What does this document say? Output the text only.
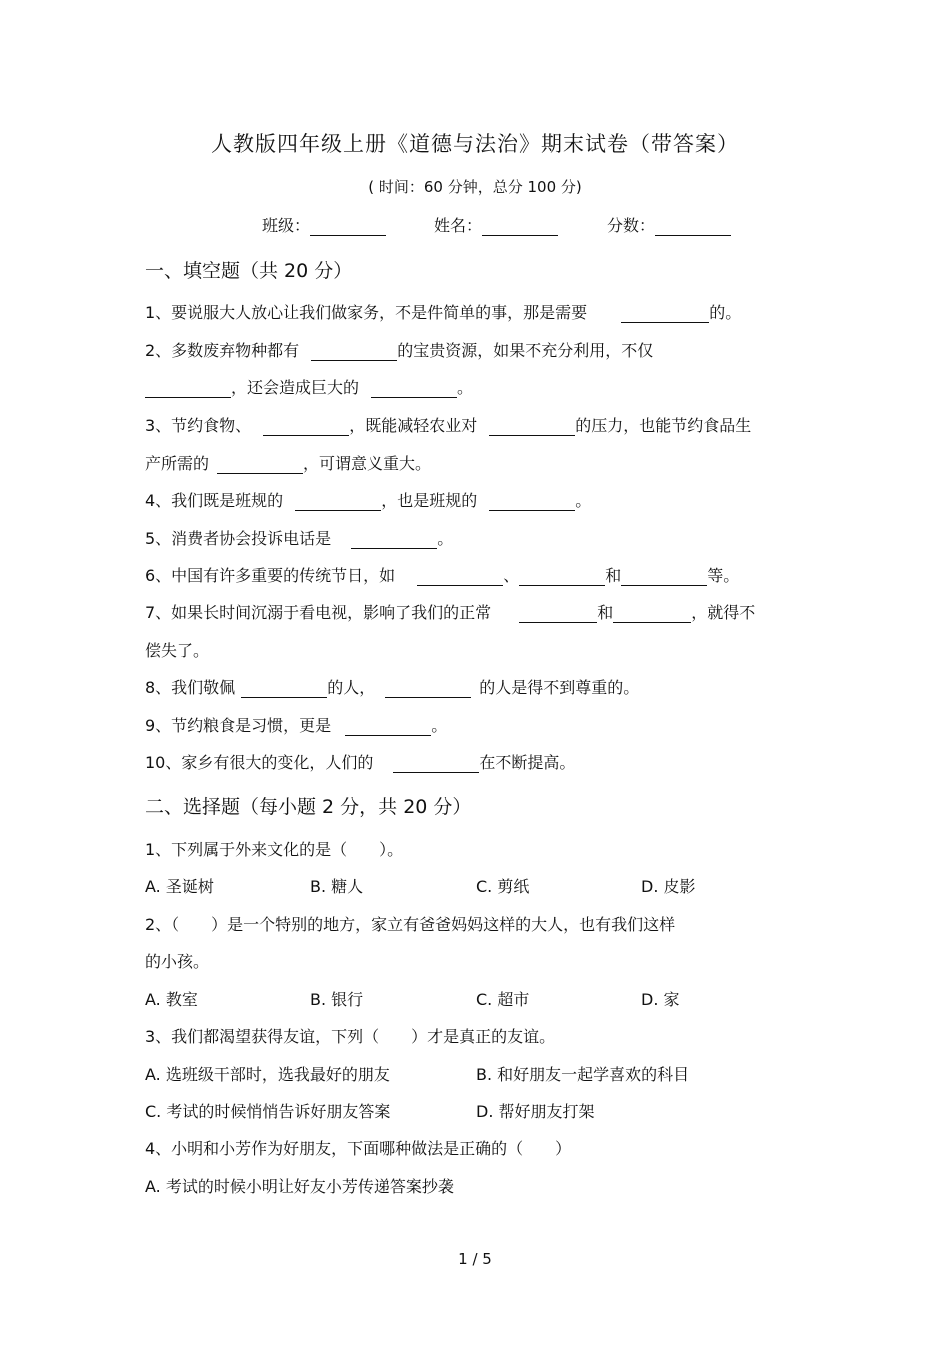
人教版四年级上册《道德与法治》期末试卷（带答案）
( 时间：60 分钟，总分 100 分)
班级：	姓名：	分数：
一、填空题（共 20 分）
1、要说服大人放心让我们做家务，不是件简单的事，那是需要	的。
2、多数废弃物种都有	的宝贵资源，如果不充分利用，不仅
，还会造成巨大的	。
3、节约食物、	，既能减轻农业对	的压力，也能节约食品生
产所需的	，可谓意义重大。
4、我们既是班规的	，也是班规的	。
5、消费者协会投诉电话是	。
6、中国有许多重要的传统节日，如	、	和	等。
7、如果长时间沉溺于看电视，影响了我们的正常	和	，就得不
偿失了。
8、我们敬佩	的人，	的人是得不到尊重的。
9、节约粮食是习惯，更是	。
10、家乡有很大的变化，人们的	在不断提高。
二、选择题（每小题 2 分，共 20 分）
1、下列属于外来文化的是（　　）。
A. 圣诞树	B. 糖人	C. 剪纸	D. 皮影
2、（　　）是一个特别的地方，家立有爸爸妈妈这样的大人，也有我们这样
的小孩。
A. 教室	B. 银行	C. 超市	D. 家
3、我们都渴望获得友谊，下列（　　）才是真正的友谊。
A. 选班级干部时，选我最好的朋友	B. 和好朋友一起学喜欢的科目
C. 考试的时候悄悄告诉好朋友答案	D. 帮好朋友打架
4、小明和小芳作为好朋友，下面哪种做法是正确的（　　）
A. 考试的时候小明让好友小芳传递答案抄袭
1 / 5
